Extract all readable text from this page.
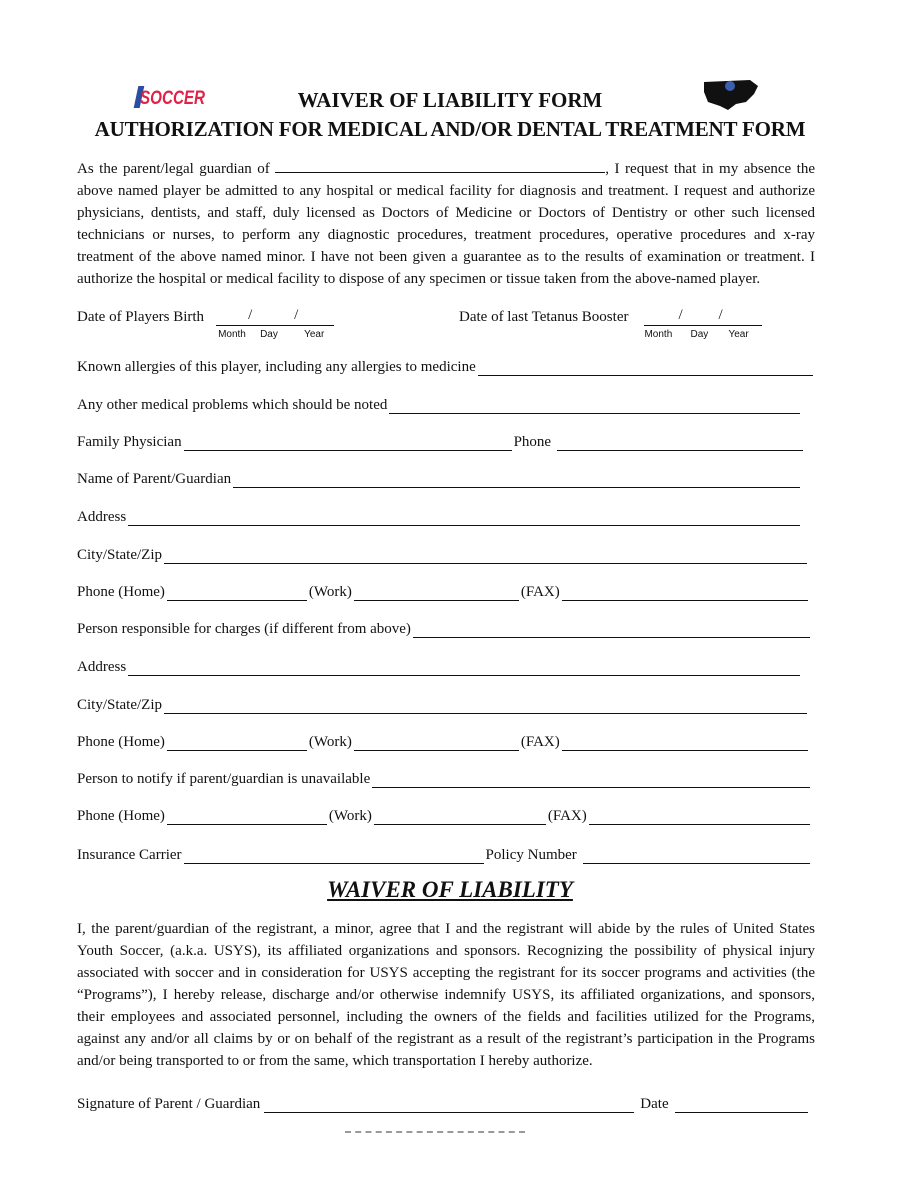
SOCCER	WAIVER OF LIABILITY FORM
AUTHORIZATION FOR MEDICAL AND/OR DENTAL TREATMENT FORM
As the parent/legal guardian of	, I request that in my absence the above named player be admitted to any hospital or medical facility for diagnosis and treatment. I request and authorize physicians, dentists, and staff, duly licensed as Doctors of Medicine or Doctors of Dentistry or other such licensed technicians or nurses, to perform any diagnostic procedures, treatment procedures, operative procedures and x-ray treatment of the above named minor. I have not been given a guarantee as to the results of examination or treatment. I authorize the hospital or medical facility to dispose of any specimen or tissue taken from the above-named player.
Date of Players Birth	/	/
Month Day	Year
Date of last Tetanus Booster	/ /
Month Day Year
Known allergies of this player, including any allergies to medicine
Any other medical problems which should be noted
Family Physician	Phone
Name of Parent/Guardian
Address
City/State/Zip
Phone (Home)	(Work)	(FAX)
Person responsible for charges (if different from above)
Address
City/State/Zip
Phone (Home)	(Work)	(FAX)
Person to notify if parent/guardian is unavailable
Phone (Home)	(Work)	(FAX)
Insurance Carrier	Policy Number
WAIVER OF LIABILITY
I, the parent/guardian of the registrant, a minor, agree that I and the registrant will abide by the rules of United States Youth Soccer, (a.k.a. USYS), its affiliated organizations and sponsors. Recognizing the possibility of physical injury associated with soccer and in consideration for USYS accepting the registrant for its soccer programs and activities (the “Programs”), I hereby release, discharge and/or otherwise indemnify USYS, its affiliated organizations, and sponsors, their employees and associated personnel, including the owners of the fields and facilities utilized for the Programs, against any and/or all claims by or on behalf of the registrant as a result of the registrant’s participation in the Programs and/or being transported to or from the same, which transportation I hereby authorize.
Signature of Parent / Guardian	Date
